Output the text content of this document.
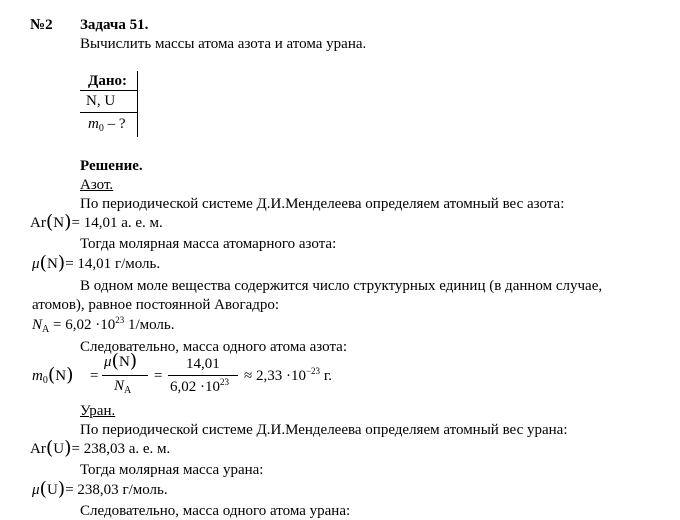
№2 Задача 51.
Вычислить массы атома азота и атома урана.
Дано:
N, U
$m_0$ – ?
Решение.
Азот.
По периодической системе Д.И.Менделеева определяем атомный вес азота:
Ar(N)= 14,01 а. е. м.
Тогда молярная масса атомарного азота:
μ(N)= 14,01 г/моль.
В одном моле вещества содержится число структурных единиц (в данном случае,
атомов), равное постоянной Авогадро:
$N_A = 6,02 \cdot 10^{23}$ 1/моль.
Следовательно, масса одного атома азота:
$m_0(N)$ =
μ(N)
$N_A$
=
14,01
$6,02 \cdot 10^{23} \approx 2,33 \cdot 10^{-23}$ г.
Уран.
По периодической системе Д.И.Менделеева определяем атомный вес урана:
Ar(U)= 238,03 а. е. м.
Тогда молярная масса урана:
μ(U)= 238,03 г/моль.
Следовательно, масса одного атома урана:
